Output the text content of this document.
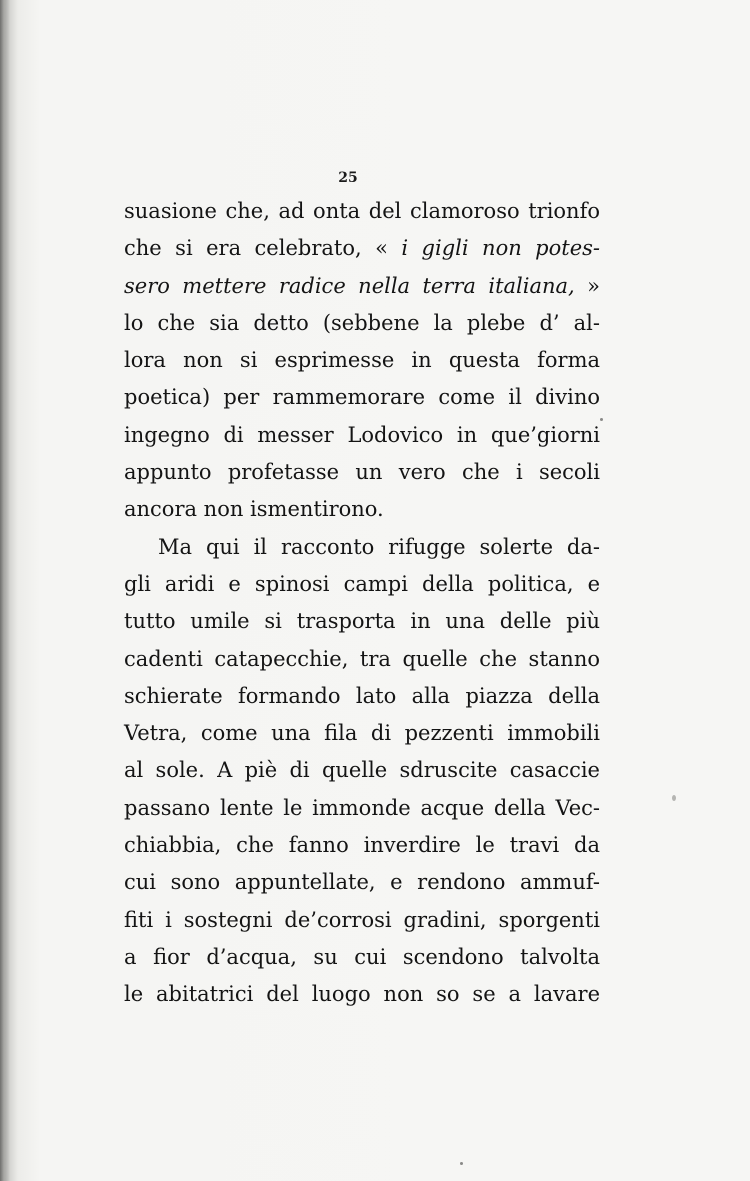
25
suasione che, ad onta del clamoroso trionfo
che si era celebrato, « i gigli non potes-
sero mettere radice nella terra italiana, »
lo che sia detto (sebbene la plebe d’ al-
lora non si esprimesse in questa forma
poetica) per rammemorare come il divino
ingegno di messer Lodovico in que’giorni
appunto profetasse un vero che i secoli
ancora non ismentirono.
Ma qui il racconto rifugge solerte da-
gli aridi e spinosi campi della politica, e
tutto umile si trasporta in una delle più
cadenti catapecchie, tra quelle che stanno
schierate formando lato alla piazza della
Vetra, come una fila di pezzenti immobili
al sole. A piè di quelle sdruscite casaccie
passano lente le immonde acque della Vec-
chiabbia, che fanno inverdire le travi da
cui sono appuntellate, e rendono ammuf-
fiti i sostegni de’corrosi gradini, sporgenti
a fior d’acqua, su cui scendono talvolta
le abitatrici del luogo non so se a lavare
